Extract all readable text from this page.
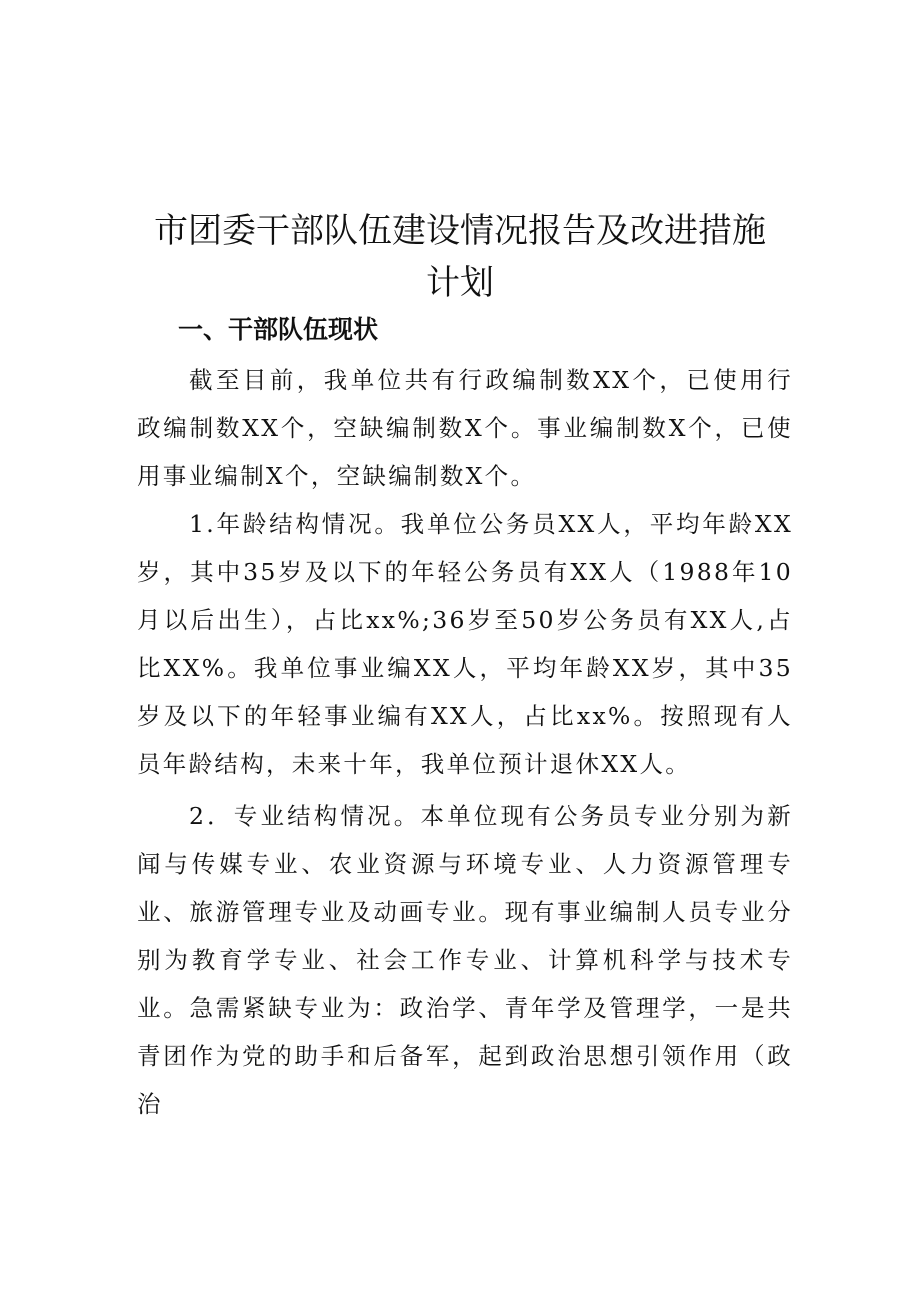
市团委干部队伍建设情况报告及改进措施
计划
一、干部队伍现状

截至目前，我单位共有行政编制数XX个，已使用行政编制数XX个，空缺编制数X个。事业编制数X个，已使用事业编制X个，空缺编制数X个。

1.年龄结构情况。我单位公务员XX人，平均年龄XX岁，其中35岁及以下的年轻公务员有XX人（1988年10月以后出生），占比xx%;36岁至50岁公务员有XX人,占比XX%。我单位事业编XX人，平均年龄XX岁，其中35岁及以下的年轻事业编有XX人，占比xx%。按照现有人员年龄结构，未来十年，我单位预计退休XX人。

2．专业结构情况。本单位现有公务员专业分别为新闻与传媒专业、农业资源与环境专业、人力资源管理专业、旅游管理专业及动画专业。现有事业编制人员专业分别为教育学专业、社会工作专业、计算机科学与技术专业。急需紧缺专业为：政治学、青年学及管理学，一是共青团作为党的助手和后备军，起到政治思想引领作用（政治
